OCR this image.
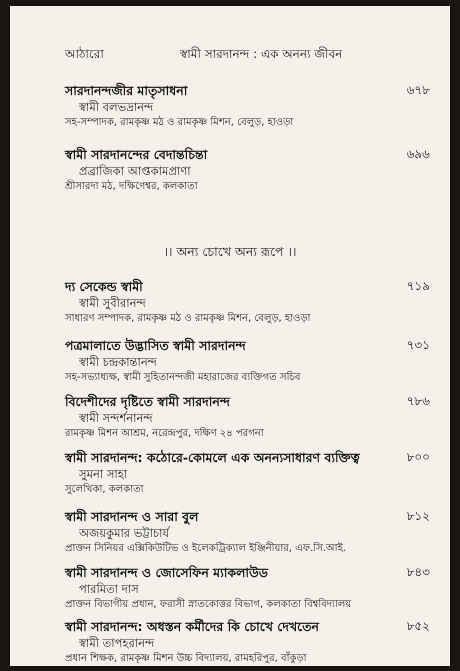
আঠারো	স্বামী সারদানন্দ : এক অনন্য জীবন
সারদানন্দজীর মাতৃসাধনা
স্বামী বলভদ্রানন্দ
সহ-সম্পাদক, রামকৃষ্ণ মঠ ও রামকৃষ্ণ মিশন, বেলুড়, হাওড়া
৬৭৮
স্বামী সারদানন্দের বেদান্তচিন্তা
প্রব্রাজিকা আপ্তকামপ্রাণা
শ্রীসারদা মঠ, দক্ষিণেশ্বর, কলকাতা
৬৯৬
।। অন্য চোখে অন্য রূপে ।।
দ্য সেকেন্ড স্বামী
স্বামী সুবীরানন্দ
সাধারণ সম্পাদক, রামকৃষ্ণ মঠ ও রামকৃষ্ণ মিশন, বেলুড়, হাওড়া
৭১৯
পত্রমালাতে উদ্ভাসিত স্বামী সারদানন্দ
স্বামী চন্দ্রকান্তানন্দ
সহ-সভ্যাধ্যক্ষ, স্বামী সুহিতানন্দজী মহারাজের ব্যক্তিগত সচিব
৭৩১
বিদেশীদের দৃষ্টিতে স্বামী সারদানন্দ
স্বামী সন্দর্শনানন্দ
রামকৃষ্ণ মিশন আশ্রম, নরেন্দ্রপুর, দক্ষিণ ২৪ পরগনা
৭৮৬
স্বামী সারদানন্দ: কঠোরে-কোমলে এক অনন্যসাধারণ ব্যক্তিত্ব
সুমনা সাহা
সুলেখিকা, কলকাতা
৮০০
স্বামী সারদানন্দ ও সারা বুল
অজয়কুমার ভট্টাচার্য
প্রাক্তন সিনিয়র এক্সিকিউটিভ ও ইলেকট্রিক্যাল ইঞ্জিনীয়ার, এফ.সি.আই.
৮১২
স্বামী সারদানন্দ ও জোসেফিন ম্যাকলাউড
পারমিতা দাস
প্রাক্তন বিভাগীয় প্রধান, ফরাসী স্নাতকোত্তর বিভাগ, কলকাতা বিশ্ববিদ্যালয়
৮৪৩
স্বামী সারদানন্দ: অধস্তন কর্মীদের কি চোখে দেখতেন
স্বামী তাপহরানন্দ
প্রধান শিক্ষক, রামকৃষ্ণ মিশন উচ্চ বিদ্যালয়, রামহরিপুর, বাঁকুড়া
৮৫২
